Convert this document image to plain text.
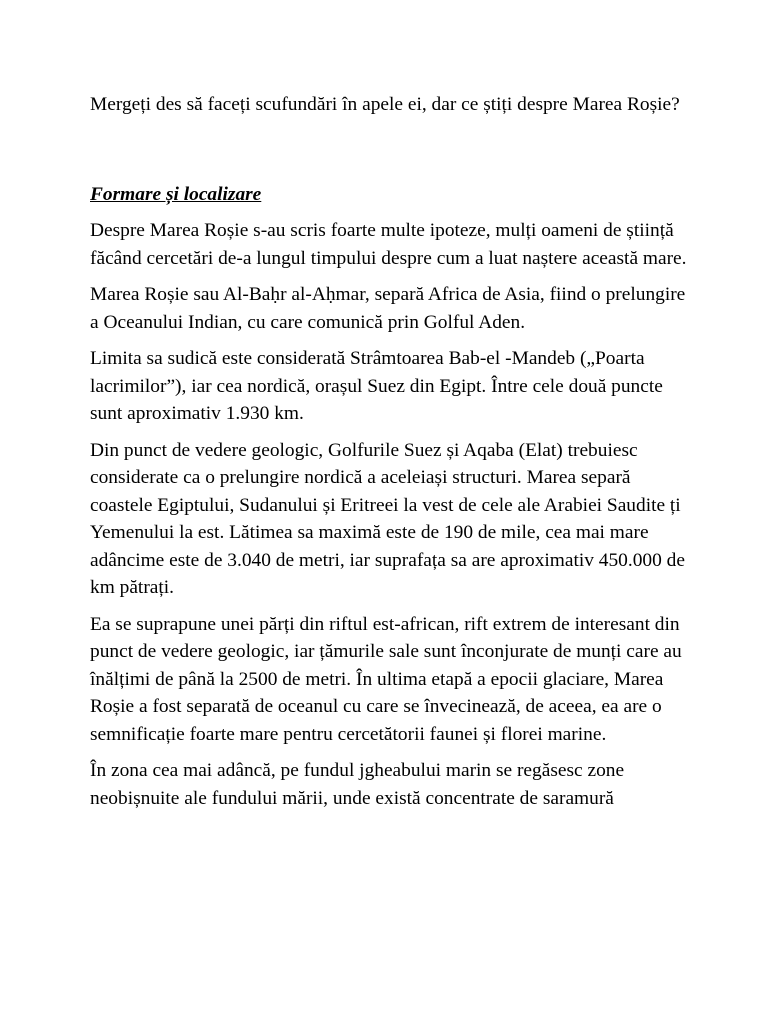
Mergeți des să faceți scufundări în apele ei, dar ce știți despre Marea Roșie?

Formare și localizare

Despre Marea Roșie s-au scris foarte multe ipoteze, mulți oameni de știință făcând cercetări de-a lungul timpului despre cum a luat naștere această mare.

Marea Roșie sau Al-Baḥr al-Aḥmar, separă Africa de Asia, fiind o prelungire a Oceanului Indian, cu care comunică prin Golful Aden.

Limita sa sudică este considerată Strâmtoarea Bab-el -Mandeb („Poarta lacrimilor”), iar cea nordică, orașul Suez din Egipt. Între cele două puncte sunt aproximativ 1.930 km.

Din punct de vedere geologic, Golfurile Suez și Aqaba (Elat) trebuiesc considerate ca o prelungire nordică a aceleiași structuri. Marea separă coastele Egiptului, Sudanului și Eritreei la vest de cele ale Arabiei Saudite ți Yemenului la est. Lătimea sa maximă este de 190 de mile, cea mai mare adâncime este de 3.040 de metri, iar suprafața sa are aproximativ 450.000 de km pătrați.

Ea se suprapune unei părți din riftul est-african, rift extrem de interesant din punct de vedere geologic, iar țămurile sale sunt înconjurate de munți care au înălțimi de până la 2500 de metri. În ultima etapă a epocii glaciare, Marea Roșie a fost separată de oceanul cu care se învecinează, de aceea, ea are o semnificație foarte mare pentru cercetătorii faunei și florei marine.

În zona cea mai adâncă, pe fundul jgheabului marin se regăsesc zone neobișnuite ale fundului mării, unde există concentrate de saramură
